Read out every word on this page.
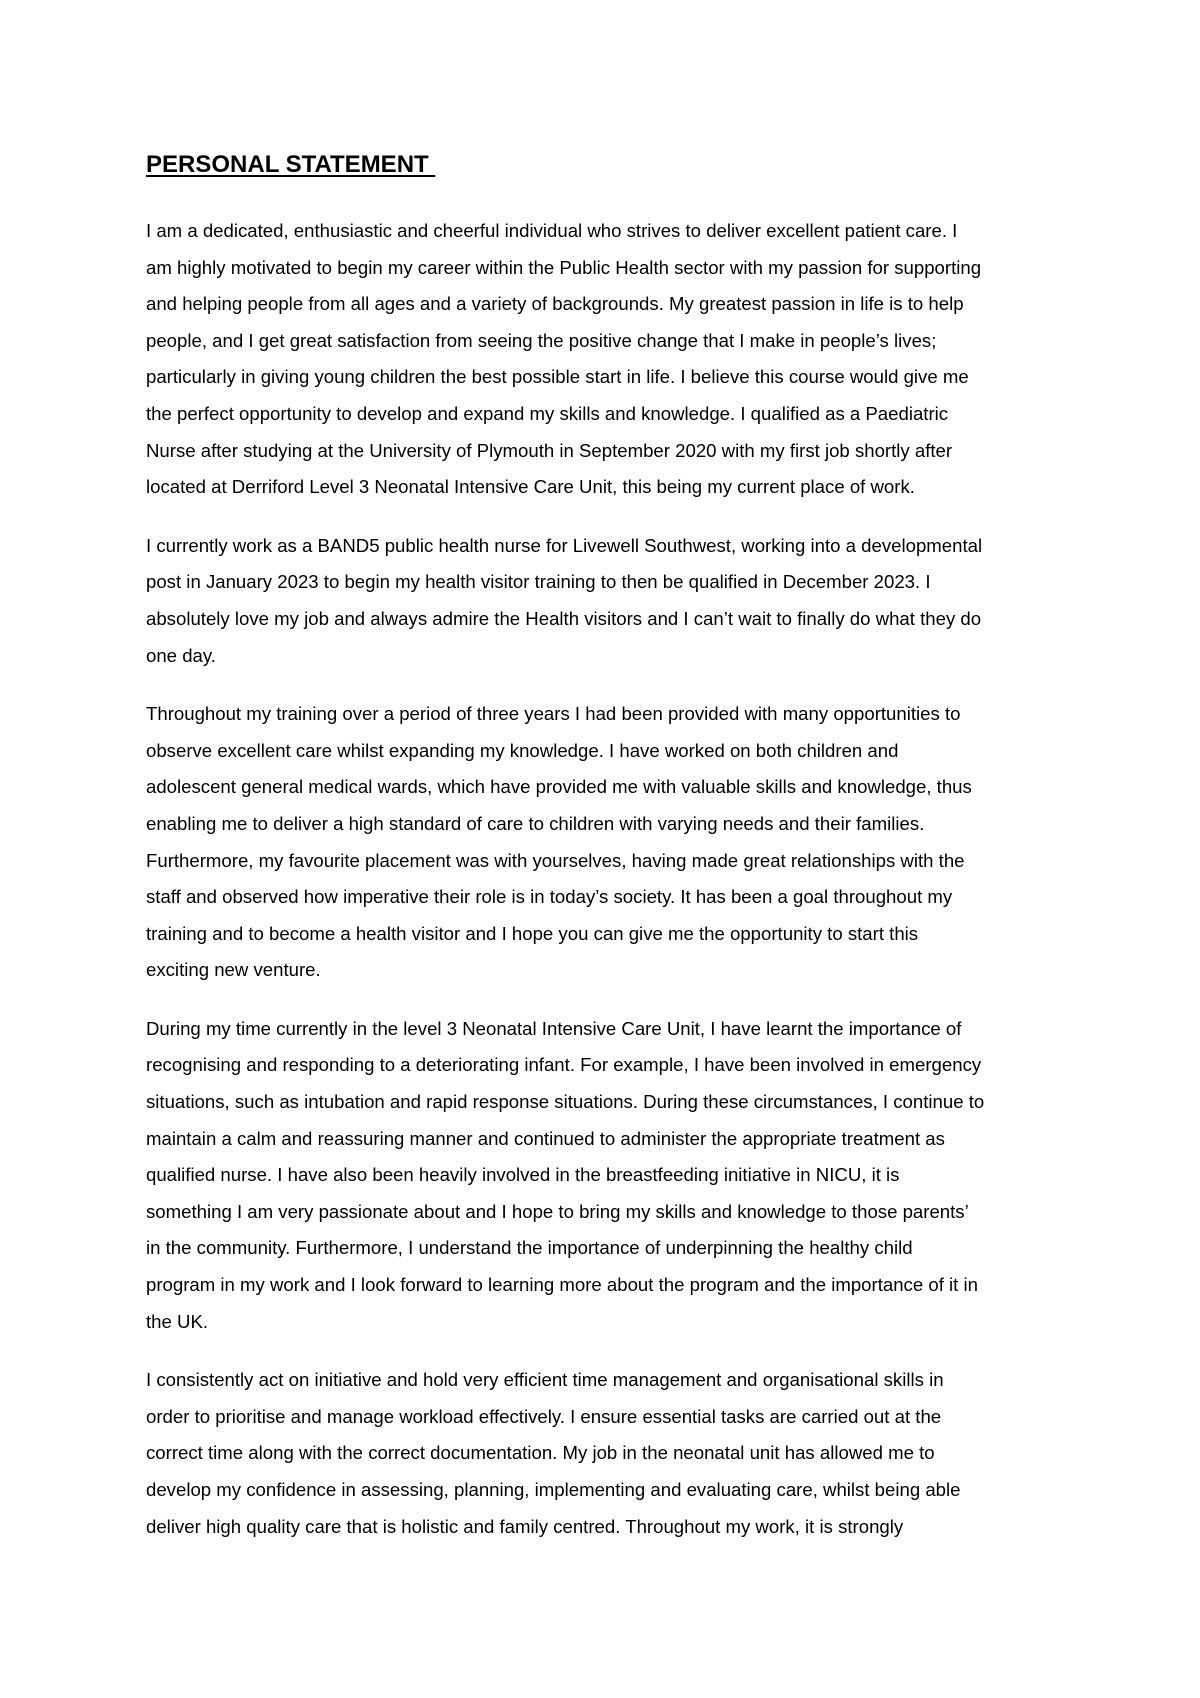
PERSONAL STATEMENT

I am a dedicated, enthusiastic and cheerful individual who strives to deliver excellent patient care. I
am highly motivated to begin my career within the Public Health sector with my passion for supporting
and helping people from all ages and a variety of backgrounds. My greatest passion in life is to help
people, and I get great satisfaction from seeing the positive change that I make in people’s lives;
particularly in giving young children the best possible start in life. I believe this course would give me
the perfect opportunity to develop and expand my skills and knowledge. I qualified as a Paediatric
Nurse after studying at the University of Plymouth in September 2020 with my first job shortly after
located at Derriford Level 3 Neonatal Intensive Care Unit, this being my current place of work.

I currently work as a BAND5 public health nurse for Livewell Southwest, working into a developmental
post in January 2023 to begin my health visitor training to then be qualified in December 2023. I
absolutely love my job and always admire the Health visitors and I can’t wait to finally do what they do
one day.

Throughout my training over a period of three years I had been provided with many opportunities to
observe excellent care whilst expanding my knowledge. I have worked on both children and
adolescent general medical wards, which have provided me with valuable skills and knowledge, thus
enabling me to deliver a high standard of care to children with varying needs and their families.
Furthermore, my favourite placement was with yourselves, having made great relationships with the
staff and observed how imperative their role is in today’s society. It has been a goal throughout my
training and to become a health visitor and I hope you can give me the opportunity to start this
exciting new venture.

During my time currently in the level 3 Neonatal Intensive Care Unit, I have learnt the importance of
recognising and responding to a deteriorating infant. For example, I have been involved in emergency
situations, such as intubation and rapid response situations. During these circumstances, I continue to
maintain a calm and reassuring manner and continued to administer the appropriate treatment as
qualified nurse. I have also been heavily involved in the breastfeeding initiative in NICU, it is
something I am very passionate about and I hope to bring my skills and knowledge to those parents’
in the community. Furthermore, I understand the importance of underpinning the healthy child
program in my work and I look forward to learning more about the program and the importance of it in
the UK.

I consistently act on initiative and hold very efficient time management and organisational skills in
order to prioritise and manage workload effectively. I ensure essential tasks are carried out at the
correct time along with the correct documentation. My job in the neonatal unit has allowed me to
develop my confidence in assessing, planning, implementing and evaluating care, whilst being able
deliver high quality care that is holistic and family centred. Throughout my work, it is strongly
